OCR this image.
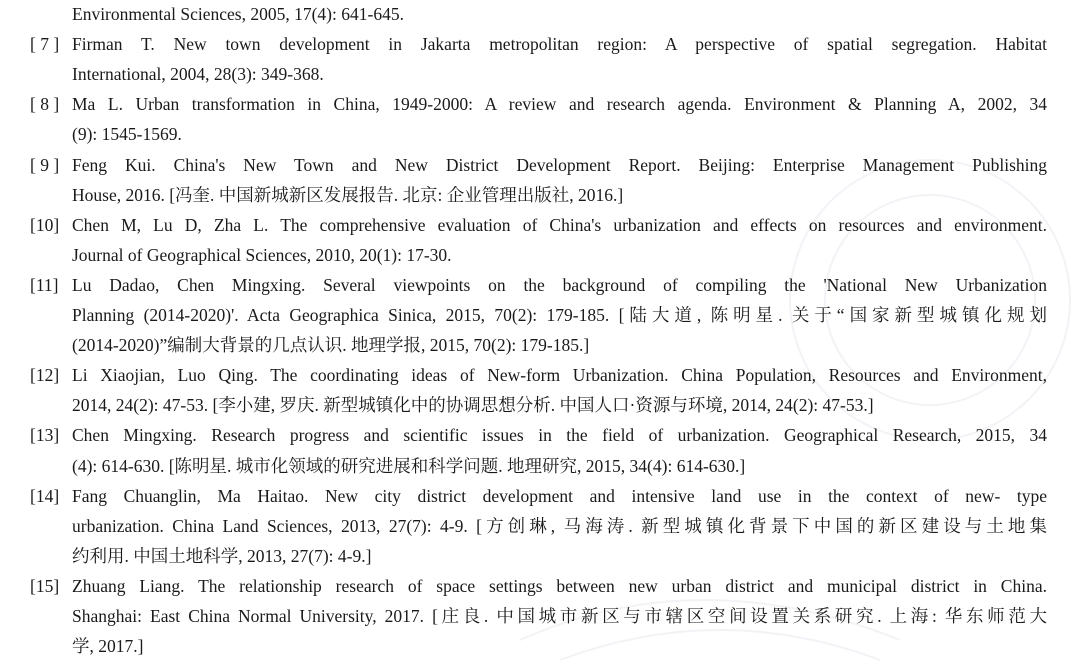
Environmental Sciences, 2005, 17(4): 641-645.
[ 7 ] Firman T. New town development in Jakarta metropolitan region: A perspective of spatial segregation. Habitat
International, 2004, 28(3): 349-368.
[ 8 ] Ma L. Urban transformation in China, 1949-2000: A review and research agenda. Environment & Planning A, 2002, 34
(9): 1545-1569.
[ 9 ] Feng Kui. China's New Town and New District Development Report. Beijing: Enterprise Management Publishing
House, 2016. [冯奎. 中国新城新区发展报告. 北京: 企业管理出版社, 2016.]
[10] Chen M, Lu D, Zha L. The comprehensive evaluation of China's urbanization and effects on resources and environment.
Journal of Geographical Sciences, 2010, 20(1): 17-30.
[11] Lu Dadao, Chen Mingxing. Several viewpoints on the background of compiling the 'National New Urbanization
Planning (2014-2020)'. Acta Geographica Sinica, 2015, 70(2): 179-185. [陆大道, 陈明星. 关于“国家新型城镇化规划
(2014-2020)”编制大背景的几点认识. 地理学报, 2015, 70(2): 179-185.]
[12] Li Xiaojian, Luo Qing. The coordinating ideas of New-form Urbanization. China Population, Resources and Environment,
2014, 24(2): 47-53. [李小建, 罗庆. 新型城镇化中的协调思想分析. 中国人口·资源与环境, 2014, 24(2): 47-53.]
[13] Chen Mingxing. Research progress and scientific issues in the field of urbanization. Geographical Research, 2015, 34
(4): 614-630. [陈明星. 城市化领域的研究进展和科学问题. 地理研究, 2015, 34(4): 614-630.]
[14] Fang Chuanglin, Ma Haitao. New city district development and intensive land use in the context of new- type
urbanization. China Land Sciences, 2013, 27(7): 4-9. [方创琳, 马海涛. 新型城镇化背景下中国的新区建设与土地集
约利用. 中国土地科学, 2013, 27(7): 4-9.]
[15] Zhuang Liang. The relationship research of space settings between new urban district and municipal district in China.
Shanghai: East China Normal University, 2017. [庄良. 中国城市新区与市辖区空间设置关系研究. 上海: 华东师范大
学, 2017.]
